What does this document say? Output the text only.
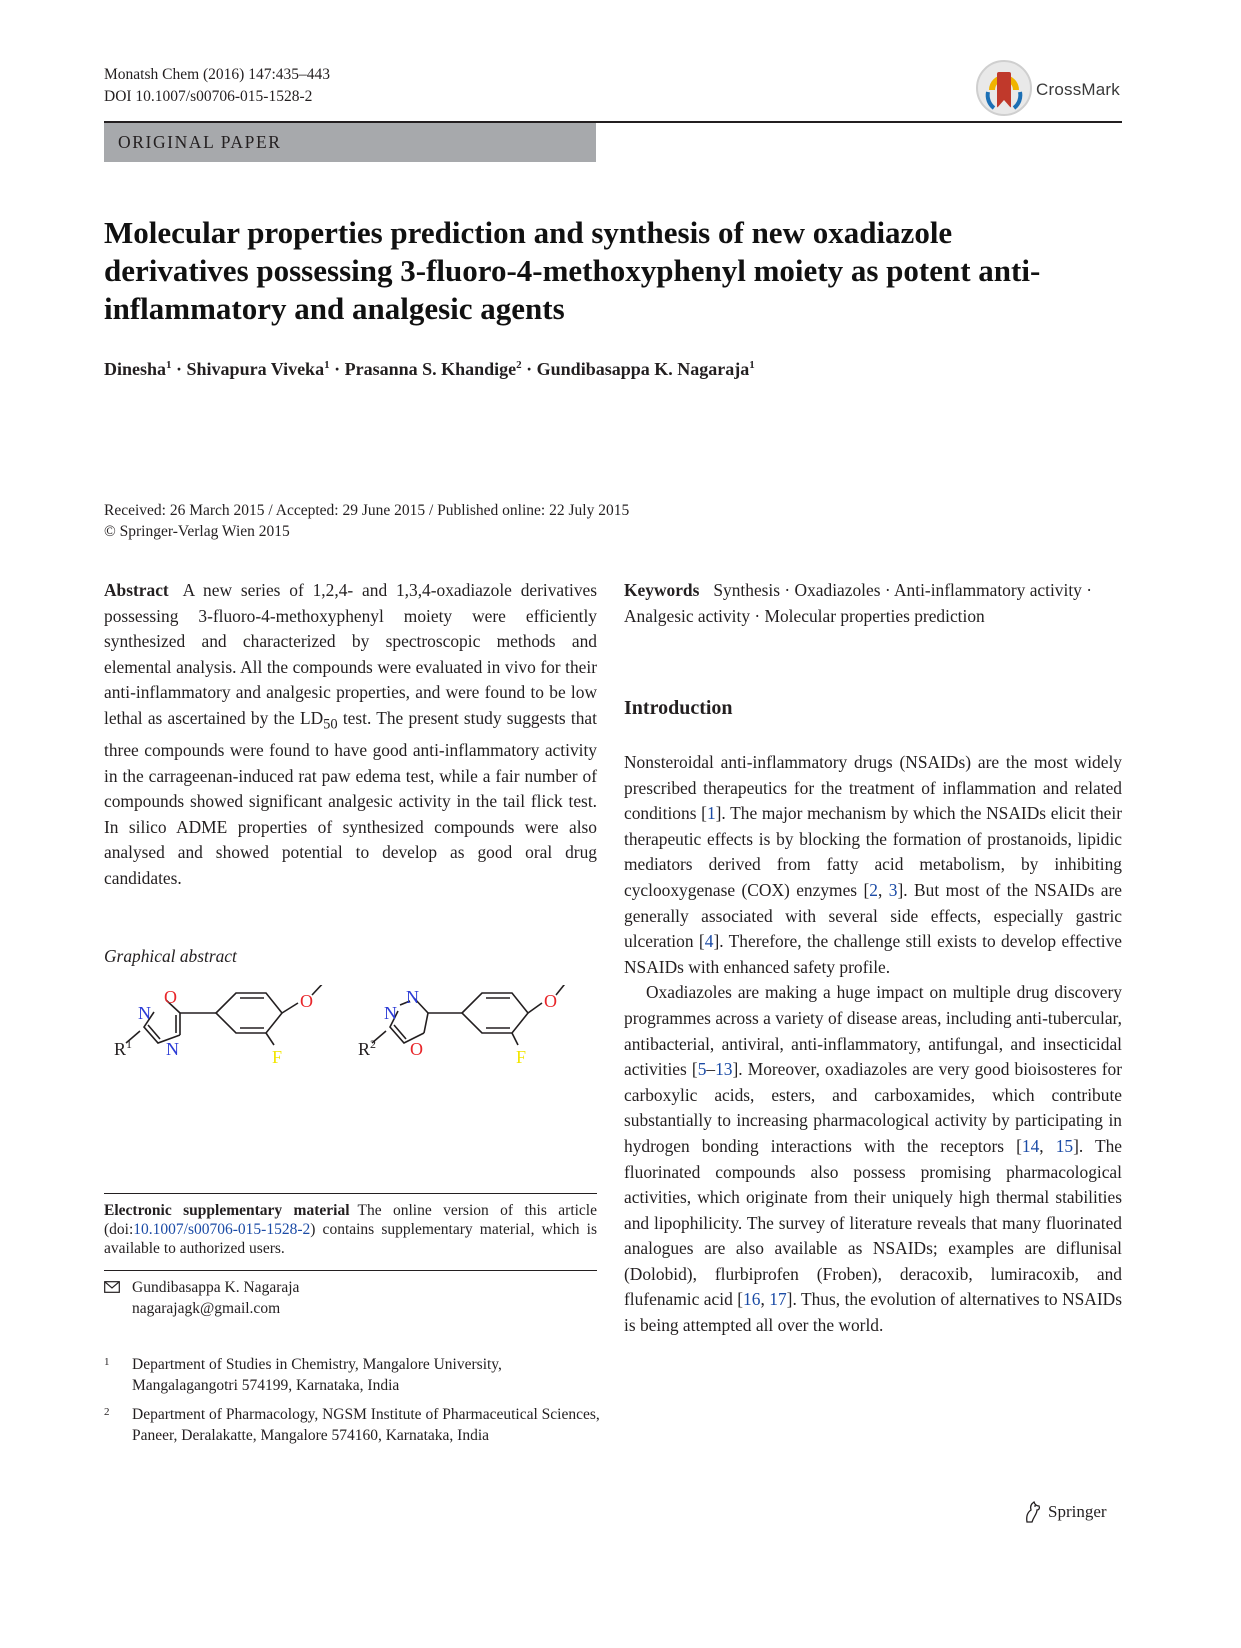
Monatsh Chem (2016) 147:435–443
DOI 10.1007/s00706-015-1528-2	CrossMark
ORIGINAL PAPER
Molecular properties prediction and synthesis of new oxadiazole derivatives possessing 3-fluoro-4-methoxyphenyl moiety as potent anti-inflammatory and analgesic agents
Dinesha$^1$ · Shivapura Viveka$^1$ · Prasanna S. Khandige$^2$ · Gundibasappa K. Nagaraja$^1$
Received: 26 March 2015 / Accepted: 29 June 2015 / Published online: 22 July 2015
© Springer-Verlag Wien 2015
Abstract A new series of 1,2,4- and 1,3,4-oxadiazole derivatives possessing 3-fluoro-4-methoxyphenyl moiety were efficiently synthesized and characterized by spectroscopic methods and elemental analysis. All the compounds were evaluated in vivo for their anti-inflammatory and analgesic properties, and were found to be low lethal as ascertained by the $LD_{50}$ test. The present study suggests that three compounds were found to have good anti-inflammatory activity in the carrageenan-induced rat paw edema test, while a fair number of compounds showed significant analgesic activity in the tail flick test. In silico ADME properties of synthesized compounds were also analysed and showed potential to develop as good oral drug candidates.
Graphical abstract
O
N
N
O
F
$R^1$
N
N
O
O
F
$R^2$
Electronic supplementary material The online version of this article (doi:10.1007/s00706-015-1528-2) contains supplementary material, which is available to authorized users.
Gundibasappa K. Nagaraja
nagarajagk@gmail.com
1 Department of Studies in Chemistry, Mangalore University, Mangalagangotri 574199, Karnataka, India
2 Department of Pharmacology, NGSM Institute of Pharmaceutical Sciences, Paneer, Deralakatte, Mangalore 574160, Karnataka, India
Keywords Synthesis · Oxadiazoles · Anti-inflammatory activity · Analgesic activity · Molecular properties prediction
Introduction

Nonsteroidal anti-inflammatory drugs (NSAIDs) are the most widely prescribed therapeutics for the treatment of inflammation and related conditions [1]. The major mechanism by which the NSAIDs elicit their therapeutic effects is by blocking the formation of prostanoids, lipidic mediators derived from fatty acid metabolism, by inhibiting cyclooxygenase (COX) enzymes [2, 3]. But most of the NSAIDs are generally associated with several side effects, especially gastric ulceration [4]. Therefore, the challenge still exists to develop effective NSAIDs with enhanced safety profile.

Oxadiazoles are making a huge impact on multiple drug discovery programmes across a variety of disease areas, including anti-tubercular, antibacterial, antiviral, anti-inflammatory, antifungal, and insecticidal activities [5–13]. Moreover, oxadiazoles are very good bioisosteres for carboxylic acids, esters, and carboxamides, which contribute substantially to increasing pharmacological activity by participating in hydrogen bonding interactions with the receptors [14, 15]. The fluorinated compounds also possess promising pharmacological activities, which originate from their uniquely high thermal stabilities and lipophilicity. The survey of literature reveals that many fluorinated analogues are also available as NSAIDs; examples are diflunisal (Dolobid), flurbiprofen (Froben), deracoxib, lumiracoxib, and flufenamic acid [16, 17]. Thus, the evolution of alternatives to NSAIDs is being attempted all over the world.

Springer
